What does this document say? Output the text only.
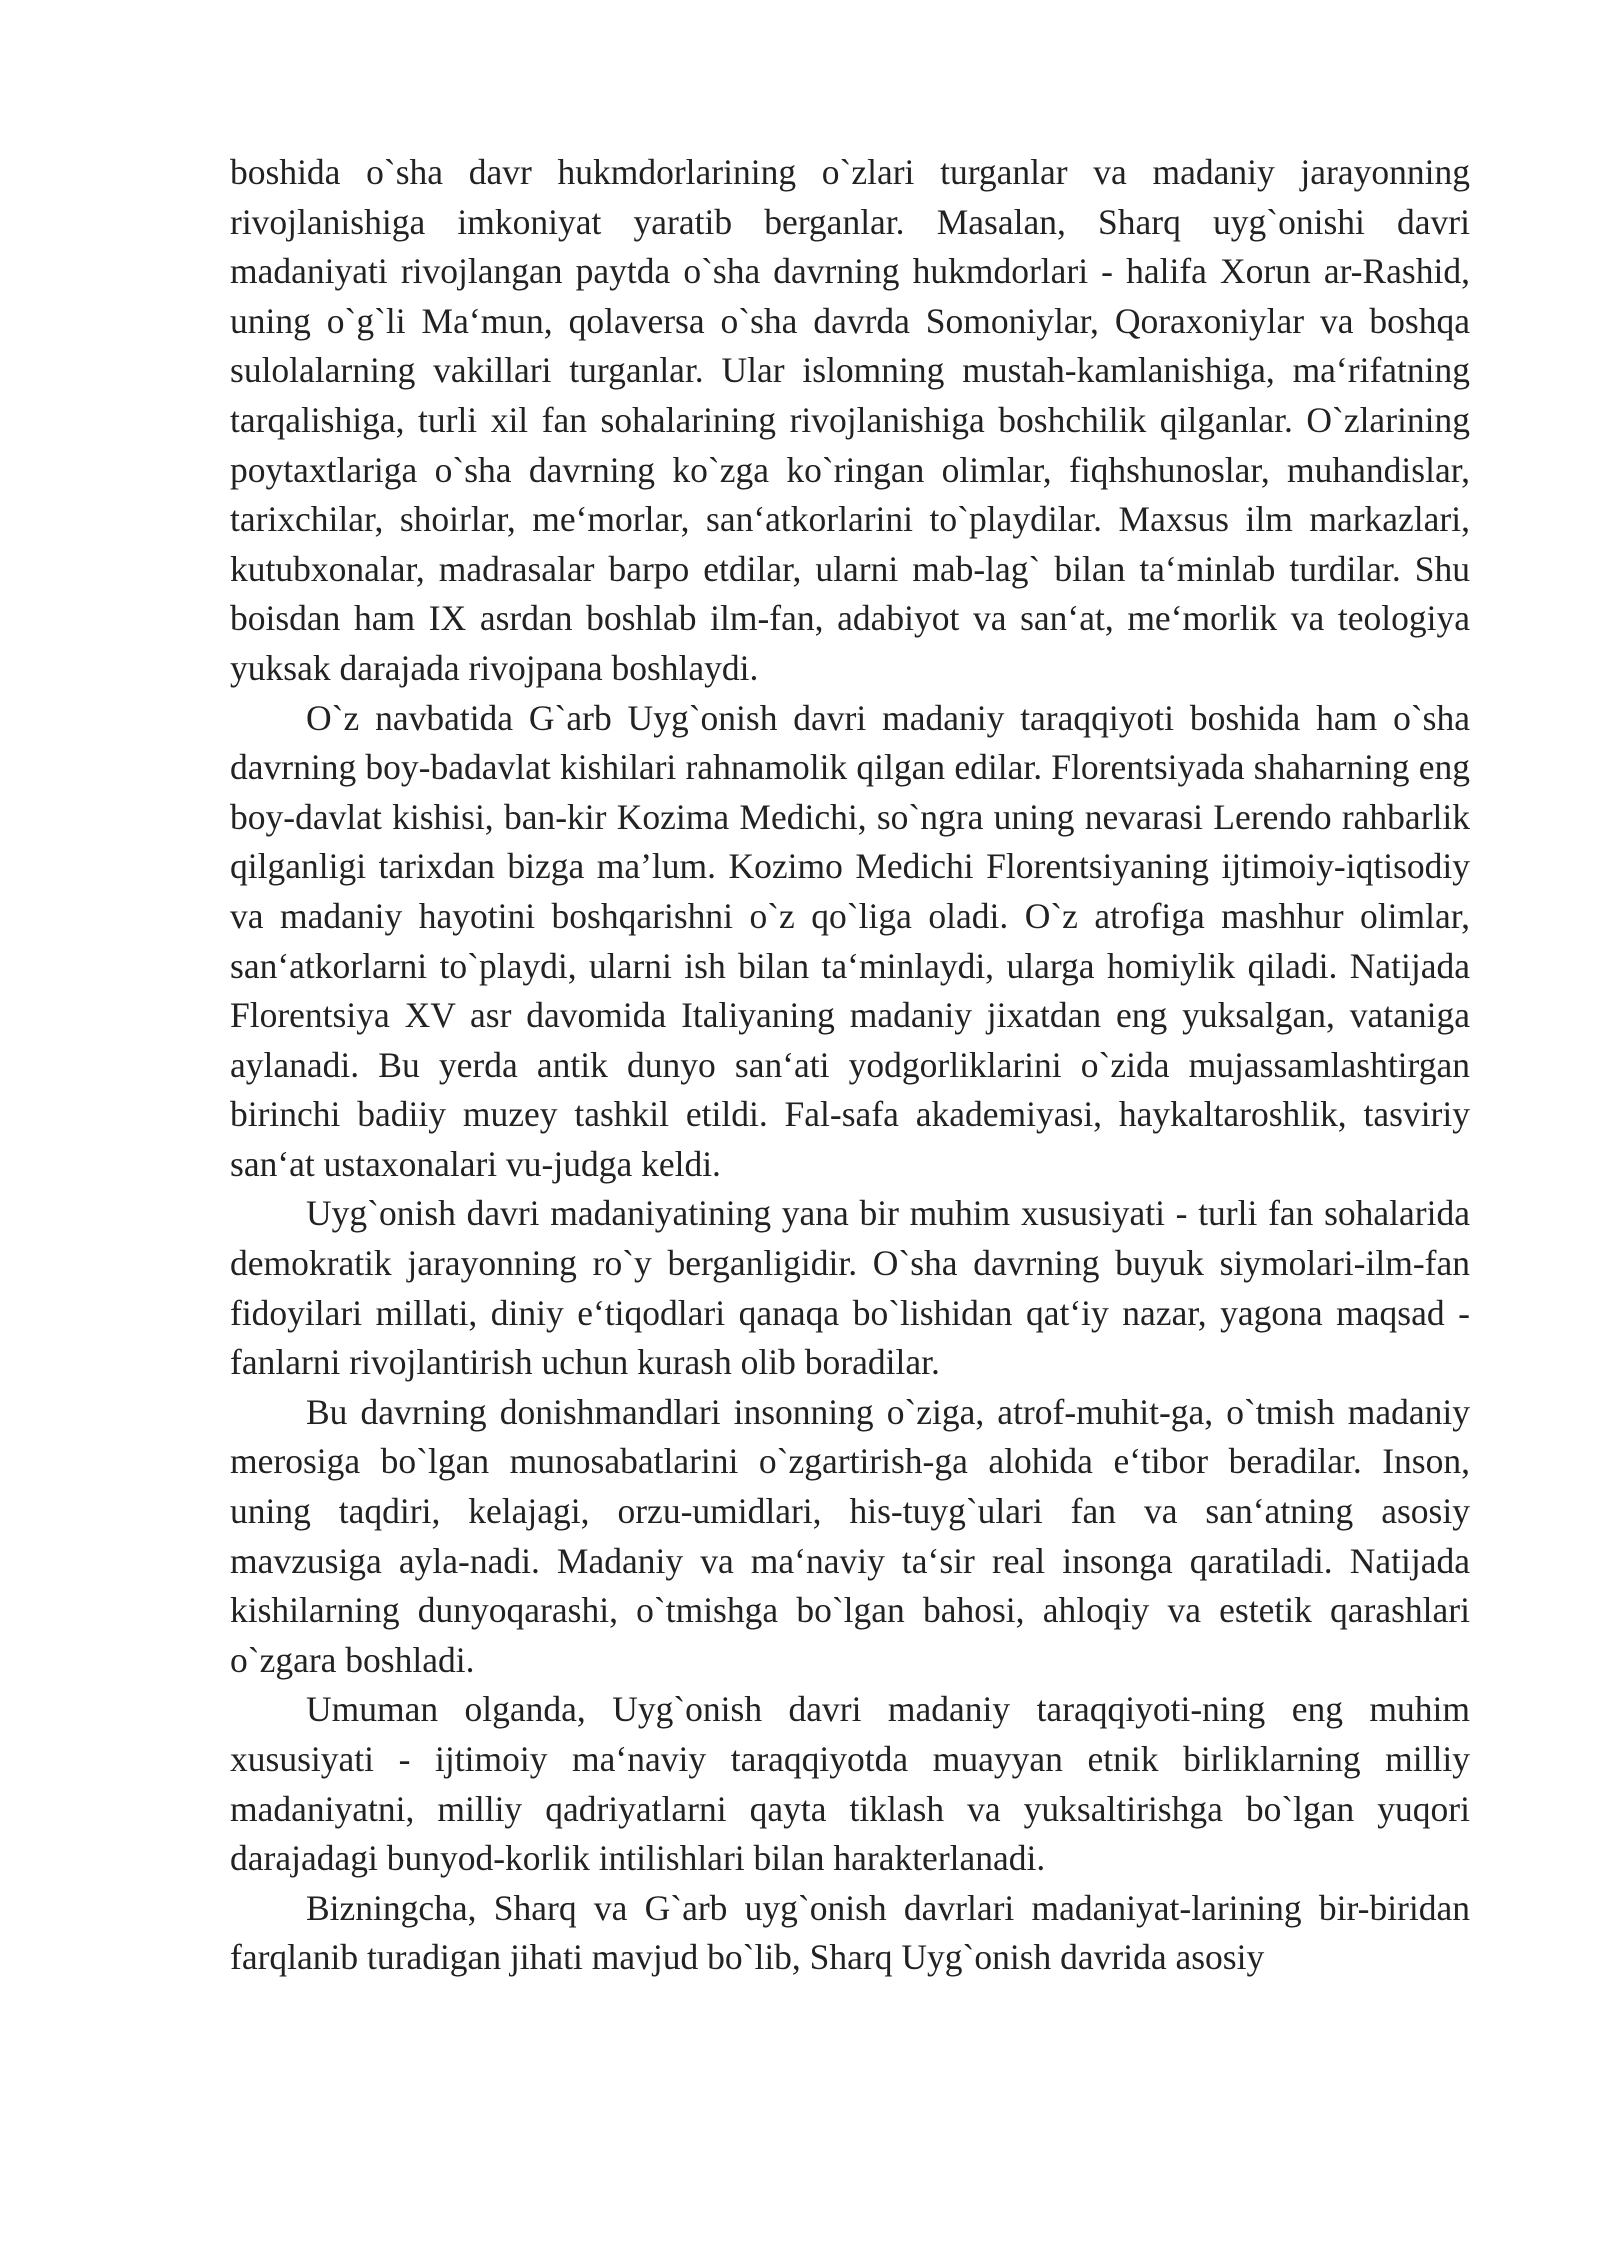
boshida o`sha davr hukmdorlarining o`zlari turganlar va madaniy jarayonning rivojlanishiga imkoniyat yaratib berganlar. Masalan, Sharq uyg`onishi davri madaniyati rivojlangan paytda o`sha davrning hukmdorlari - halifa Xorun ar-Rashid, uning o`g`li Ma‘mun, qolaversa o`sha davrda Somoniylar, Qoraxoniylar va boshqa sulolalarning vakillari turganlar. Ular islomning mustah-kamlanishiga, ma‘rifatning tarqalishiga, turli xil fan sohalarining rivojlanishiga boshchilik qilganlar. O`zlarining poytaxtlariga o`sha davrning ko`zga ko`ringan olimlar, fiqhshunoslar, muhandislar, tarixchilar, shoirlar, me‘morlar, san‘atkorlarini to`playdilar. Maxsus ilm markazlari, kutubxonalar, madrasalar barpo etdilar, ularni mab-lag` bilan ta‘minlab turdilar. Shu boisdan ham IX asrdan boshlab ilm-fan, adabiyot va san‘at, me‘morlik va teologiya yuksak darajada rivojpana boshlaydi.

O`z navbatida G`arb Uyg`onish davri madaniy taraqqiyoti boshida ham o`sha davrning boy-badavlat kishilari rahnamolik qilgan edilar. Florentsiyada shaharning eng boy-davlat kishisi, ban-kir Kozima Medichi, so`ngra uning nevarasi Lerendo rahbarlik qilganligi tarixdan bizga ma’lum. Kozimo Medichi Florentsiyaning ijtimoiy-iqtisodiy va madaniy hayotini boshqarishni o`z qo`liga oladi. O`z atrofiga mashhur olimlar, san‘atkorlarni to`playdi, ularni ish bilan ta‘minlaydi, ularga homiylik qiladi. Natijada Florentsiya XV asr davomida Italiyaning madaniy jixatdan eng yuksalgan, vataniga aylanadi. Bu yerda antik dunyo san‘ati yodgorliklarini o`zida mujassamlashtirgan birinchi badiiy muzey tashkil etildi. Fal-safa akademiyasi, haykaltaroshlik, tasviriy san‘at ustaxonalari vu-judga keldi.

Uyg`onish davri madaniyatining yana bir muhim xususiyati - turli fan sohalarida demokratik jarayonning ro`y berganligidir. O`sha davrning buyuk siymolari-ilm-fan fidoyilari millati, diniy e‘tiqodlari qanaqa bo`lishidan qat‘iy nazar, yagona maqsad -fanlarni rivojlantirish uchun kurash olib boradilar.

Bu davrning donishmandlari insonning o`ziga, atrof-muhit-ga, o`tmish madaniy merosiga bo`lgan munosabatlarini o`zgartirish-ga alohida e‘tibor beradilar. Inson, uning taqdiri, kelajagi, orzu-umidlari, his-tuyg`ulari fan va san‘atning asosiy mavzusiga ayla-nadi. Madaniy va ma‘naviy ta‘sir real insonga qaratiladi. Natijada kishilarning dunyoqarashi, o`tmishga bo`lgan bahosi, ahloqiy va estetik qarashlari o`zgara boshladi.

Umuman olganda, Uyg`onish davri madaniy taraqqiyoti-ning eng muhim xususiyati - ijtimoiy ma‘naviy taraqqiyotda muayyan etnik birliklarning milliy madaniyatni, milliy qadriyatlarni qayta tiklash va yuksaltirishga bo`lgan yuqori darajadagi bunyod-korlik intilishlari bilan harakterlanadi.

Bizningcha, Sharq va G`arb uyg`onish davrlari madaniyat-larining bir-biridan farqlanib turadigan jihati mavjud bo`lib, Sharq Uyg`onish davrida asosiy
